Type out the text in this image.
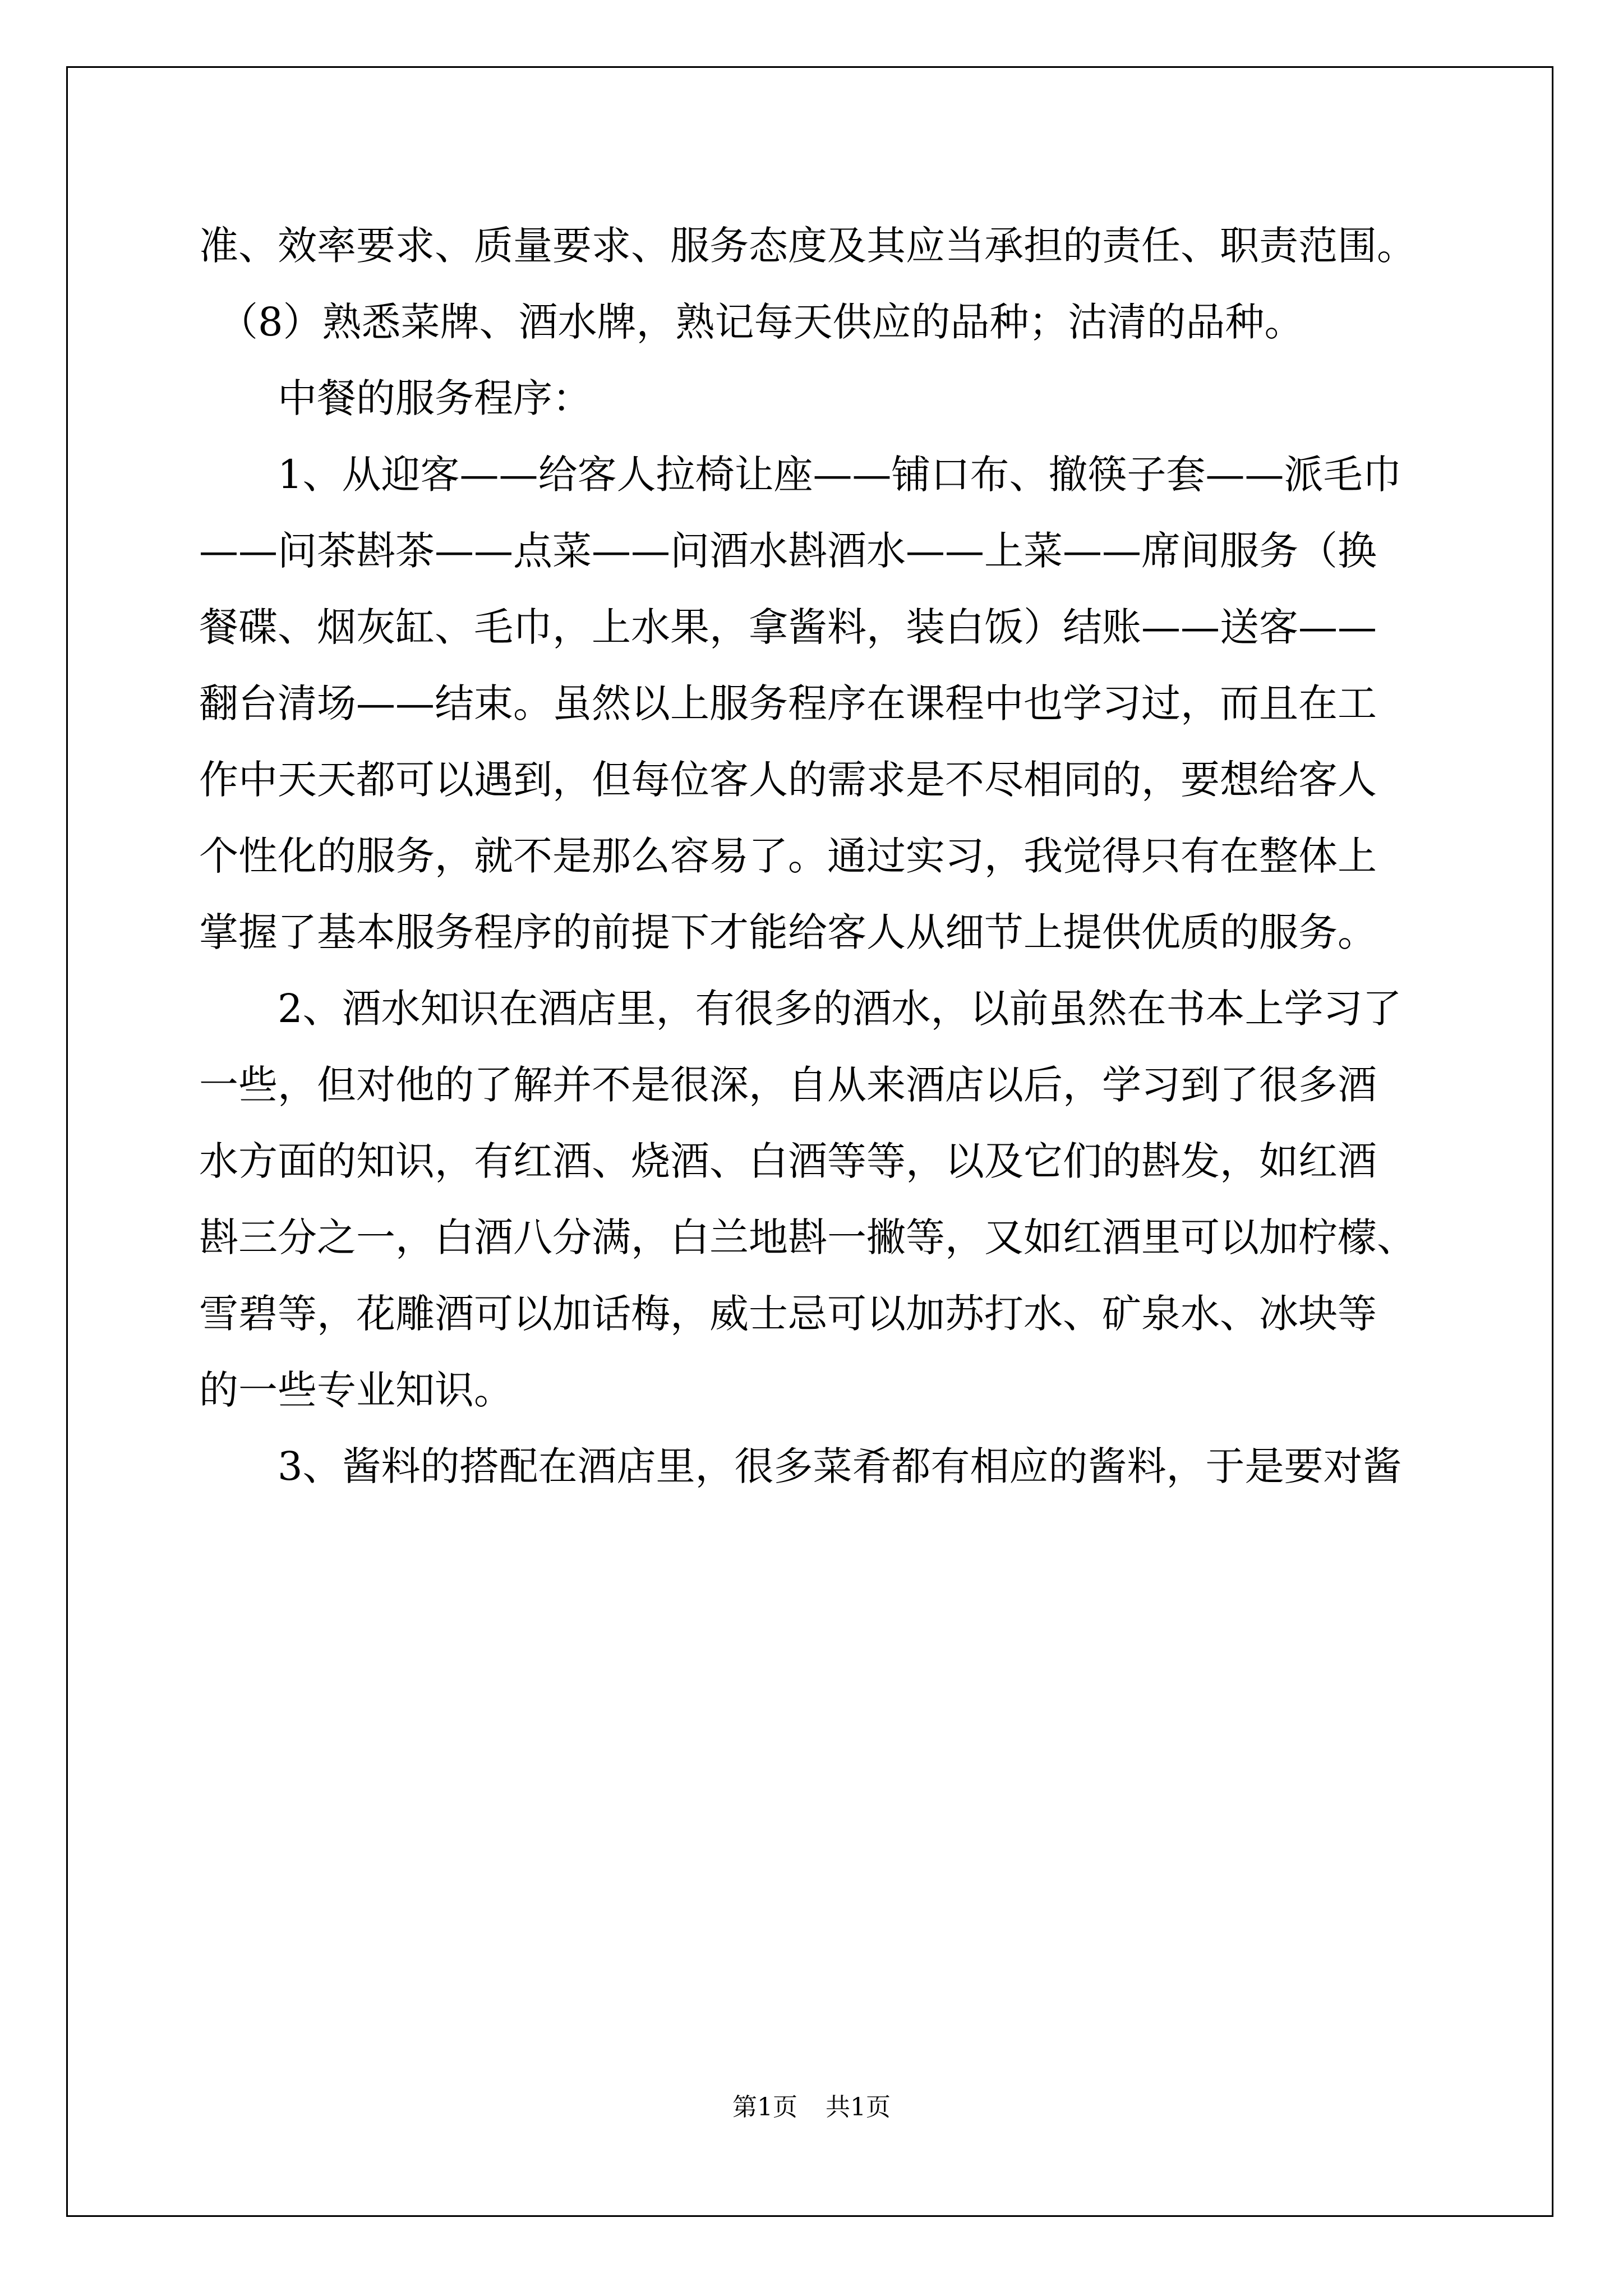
准、效率要求、质量要求、服务态度及其应当承担的责任、职责范围。

　（8）熟悉菜牌、酒水牌，熟记每天供应的品种；沽清的品种。

　　中餐的服务程序：

　　1、从迎客——给客人拉椅让座——铺口布、撤筷子套——派毛巾

——问茶斟茶——点菜——问酒水斟酒水——上菜——席间服务（换

餐碟、烟灰缸、毛巾，上水果，拿酱料，装白饭）结账——送客——

翻台清场——结束。虽然以上服务程序在课程中也学习过，而且在工

作中天天都可以遇到，但每位客人的需求是不尽相同的，要想给客人

个性化的服务，就不是那么容易了。通过实习，我觉得只有在整体上

掌握了基本服务程序的前提下才能给客人从细节上提供优质的服务。

　　2、酒水知识在酒店里，有很多的酒水，以前虽然在书本上学习了

一些，但对他的了解并不是很深，自从来酒店以后，学习到了很多酒

水方面的知识，有红酒、烧酒、白酒等等，以及它们的斟发，如红酒

斟三分之一，白酒八分满，白兰地斟一撇等，又如红酒里可以加柠檬、

雪碧等，花雕酒可以加话梅，威士忌可以加苏打水、矿泉水、冰块等

的一些专业知识。

　　3、酱料的搭配在酒店里，很多菜肴都有相应的酱料，于是要对酱

第1页 共1页
